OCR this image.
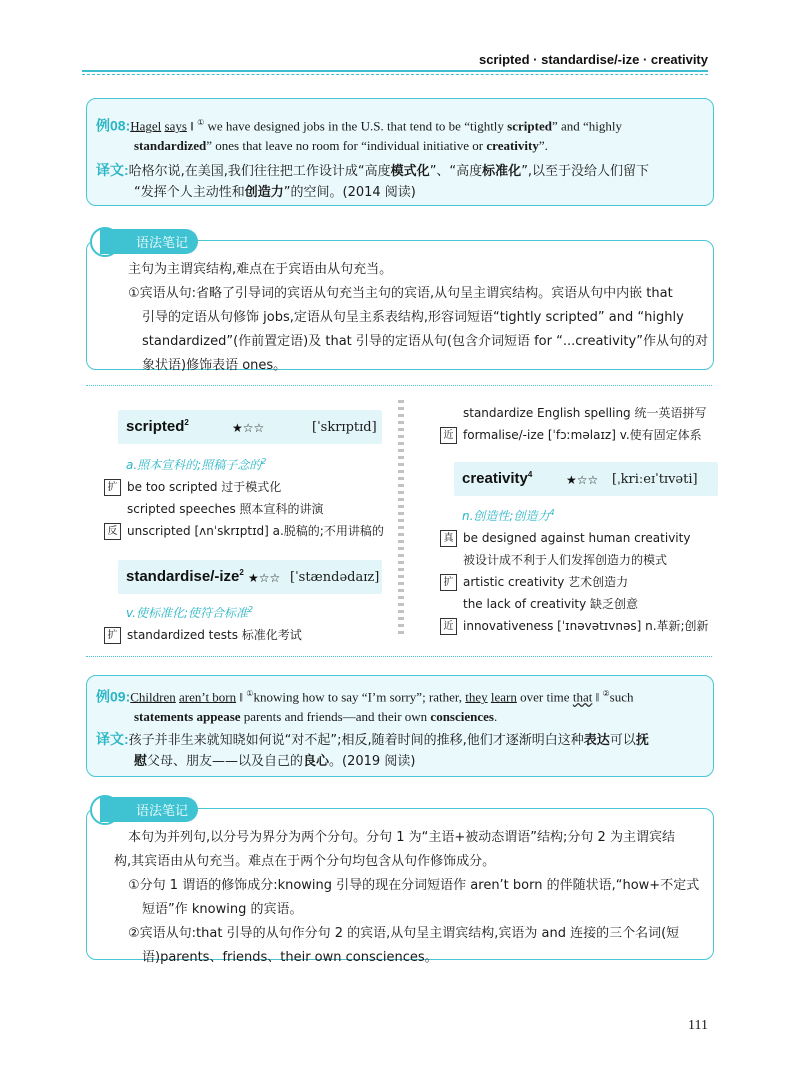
scripted · standardise/-ize · creativity
例08:Hagel says ‖ ① we have designed jobs in the U.S. that tend to be “tightly scripted” and “highly
standardized” ones that leave no room for “individual initiative or creativity”.
译文:哈格尔说,在美国,我们往往把工作设计成“高度模式化”、“高度标准化”,以至于没给人们留下
“发挥个人主动性和创造力”的空间。(2014 阅读)
语法笔记
主句为主谓宾结构,难点在于宾语由从句充当。
①宾语从句:省略了引导词的宾语从句充当主句的宾语,从句呈主谓宾结构。宾语从句中内嵌 that
引导的定语从句修饰 jobs,定语从句呈主系表结构,形容词短语“tightly scripted” and “highly
standardized”(作前置定语)及 that 引导的定语从句(包含介词短语 for “...creativity”作从句的对
象状语)修饰表语 ones。
scripted$^2$	★☆☆	[ˈskrɪptɪd]
a.照本宣科的;照稿子念的$^2$
扩 be too scripted 过于模式化
scripted speeches 照本宣科的讲演
反 unscripted [ʌnˈskrɪptɪd] a.脱稿的;不用讲稿的
standardise/-ize$^2$ ★☆☆ [ˈstændədaɪz]
v.使标准化;使符合标准$^2$
扩 standardized tests 标准化考试
standardize English spelling 统一英语拼写
近 formalise/-ize [ˈfɔːməlaɪz] v.使有固定体系
creativity$^4$	★☆☆ [ˌkriːeɪˈtɪvəti]
n.创造性;创造力$^4$
真 be designed against human creativity
被设计成不利于人们发挥创造力的模式
扩 artistic creativity 艺术创造力
the lack of creativity 缺乏创意
近 innovativeness [ˈɪnəvətɪvnəs] n.革新;创新
例09:Children aren’t born ‖ ①knowing how to say “I’m sorry”; rather, they learn over time that ‖ ②such
statements appease parents and friends—and their own consciences.
译文:孩子并非生来就知晓如何说“对不起”;相反,随着时间的推移,他们才逐渐明白这种表达可以抚
慰父母、朋友——以及自己的良心。(2019 阅读)
语法笔记
本句为并列句,以分号为界分为两个分句。分句 1 为“主语+被动态谓语”结构;分句 2 为主谓宾结
构,其宾语由从句充当。难点在于两个分句均包含从句作修饰成分。
①分句 1 谓语的修饰成分:knowing 引导的现在分词短语作 aren’t born 的伴随状语,“how+不定式
短语”作 knowing 的宾语。
②宾语从句:that 引导的从句作分句 2 的宾语,从句呈主谓宾结构,宾语为 and 连接的三个名词(短
语)parents、friends、their own consciences。
111
